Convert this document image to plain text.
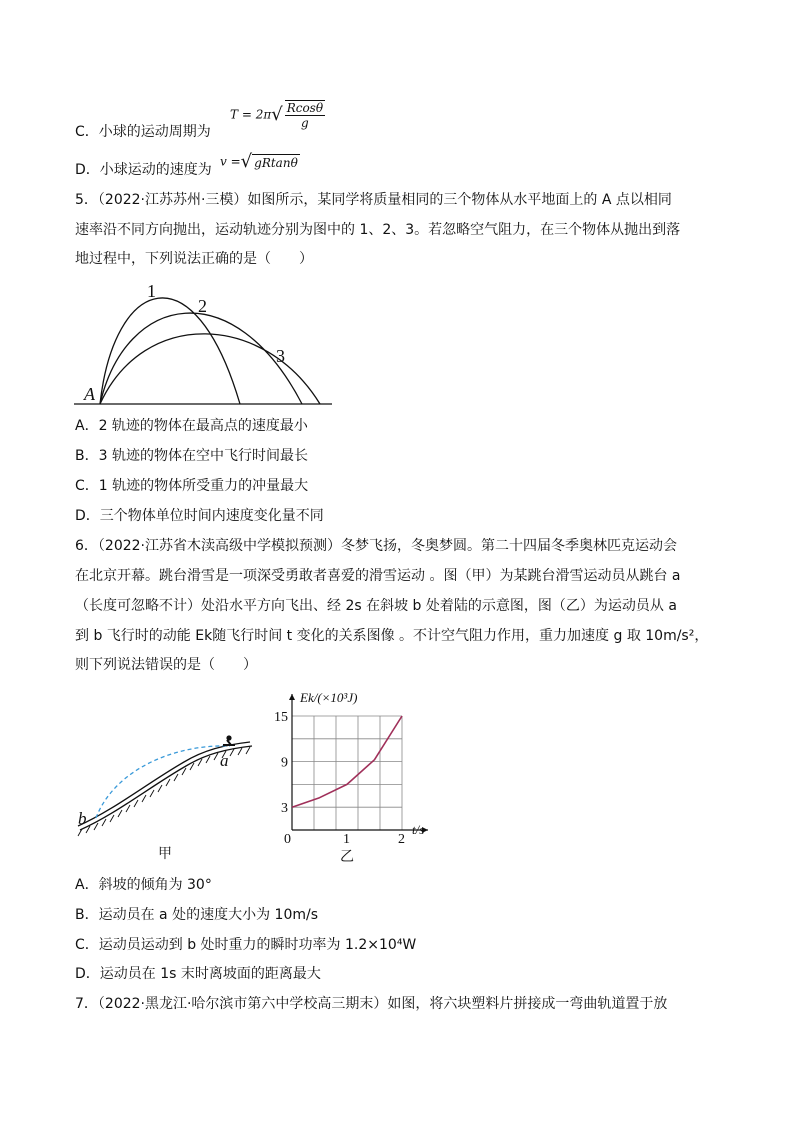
C．小球的运动周期为
$T = 2\pi√ \frac{Rcos\theta}{g}$
D．小球运动的速度为
v =√ gRtanθ
5．（2022·江苏苏州·三模）如图所示，某同学将质量相同的三个物体从水平地面上的 A 点以相同
速率沿不同方向抛出，运动轨迹分别为图中的 1、2、3。若忽略空气阻力，在三个物体从抛出到落
地过程中，下列说法正确的是（　　）
A
1
2
3
A．2 轨迹的物体在最高点的速度最小
B．3 轨迹的物体在空中飞行时间最长
C．1 轨迹的物体所受重力的冲量最大
D．三个物体单位时间内速度变化量不同
6．（2022·江苏省木渎高级中学模拟预测）冬梦飞扬，冬奥梦圆。第二十四届冬季奥林匹克运动会
在北京开幕。跳台滑雪是一项深受勇敢者喜爱的滑雪运动 。图（甲）为某跳台滑雪运动员从跳台 a
（长度可忽略不计）处沿水平方向飞出、经 2s 在斜坡 b 处着陆的示意图，图（乙）为运动员从 a
到 b 飞行时的动能 Ek随飞行时间 t 变化的关系图像 。不计空气阻力作用，重力加速度 g 取 10m/s²，
则下列说法错误的是（　　）
a
b
甲
0	1	2
3
9
15
Ek/(×10³J)
t/s
乙
A．斜坡的倾角为 30°
B．运动员在 a 处的速度大小为 10m/s
C．运动员运动到 b 处时重力的瞬时功率为 1.2×10⁴W
D．运动员在 1s 末时离坡面的距离最大
7．（2022·黑龙江·哈尔滨市第六中学校高三期末）如图，将六块塑料片拼接成一弯曲轨道置于放
